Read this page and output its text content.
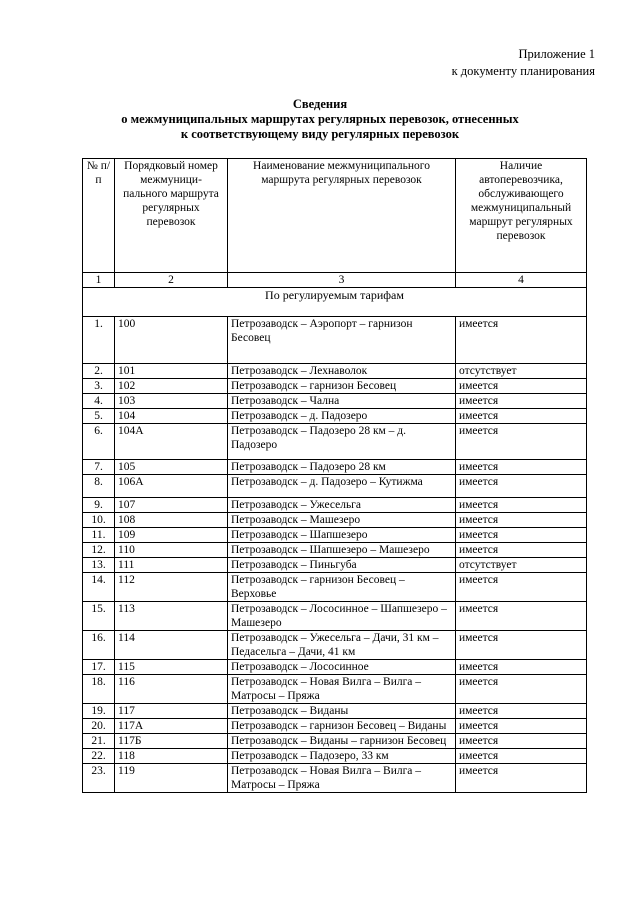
Приложение 1
к документу планирования
Сведения
о межмуниципальных маршрутах регулярных перевозок, отнесенных
к соответствующему виду регулярных перевозок
№ п/п	Порядковый номер межмуници-пального маршрута регулярных перевозок	Наименование межмуниципального маршрута регулярных перевозок	Наличие автоперевозчика, обслуживающего межмуниципальный маршрут регулярных перевозок
1	2	3	4
По регулируемым тарифам			
1.	100	Петрозаводск – Аэропорт – гарнизон Бесовец	имеется
2.	101	Петрозаводск – Лехнаволок	отсутствует
3.	102	Петрозаводск – гарнизон Бесовец	имеется
4.	103	Петрозаводск – Чална	имеется
5.	104	Петрозаводск – д. Падозеро	имеется
6.	104А	Петрозаводск – Падозеро 28 км – д. Падозеро	имеется
7.	105	Петрозаводск – Падозеро 28 км	имеется
8.	106А	Петрозаводск – д. Падозеро – Кутижма	имеется
9.	107	Петрозаводск – Ужесельга	имеется
10.	108	Петрозаводск – Машезеро	имеется
11.	109	Петрозаводск – Шапшезеро	имеется
12.	110	Петрозаводск – Шапшезеро – Машезеро	имеется
13.	111	Петрозаводск – Пиньгуба	отсутствует
14.	112	Петрозаводск – гарнизон Бесовец – Верховье	имеется
15.	113	Петрозаводск – Лососинное – Шапшезеро – Машезеро	имеется
16.	114	Петрозаводск – Ужесельга – Дачи, 31 км – Педасельга – Дачи, 41 км	имеется
17.	115	Петрозаводск – Лососинное	имеется
18.	116	Петрозаводск – Новая Вилга – Вилга – Матросы – Пряжа	имеется
19.	117	Петрозаводск – Виданы	имеется
20.	117А	Петрозаводск – гарнизон Бесовец – Виданы	имеется
21.	117Б	Петрозаводск – Виданы – гарнизон Бесовец	имеется
22.	118	Петрозаводск – Падозеро, 33 км	имеется
23.	119	Петрозаводск – Новая Вилга – Вилга – Матросы – Пряжа	имеется
